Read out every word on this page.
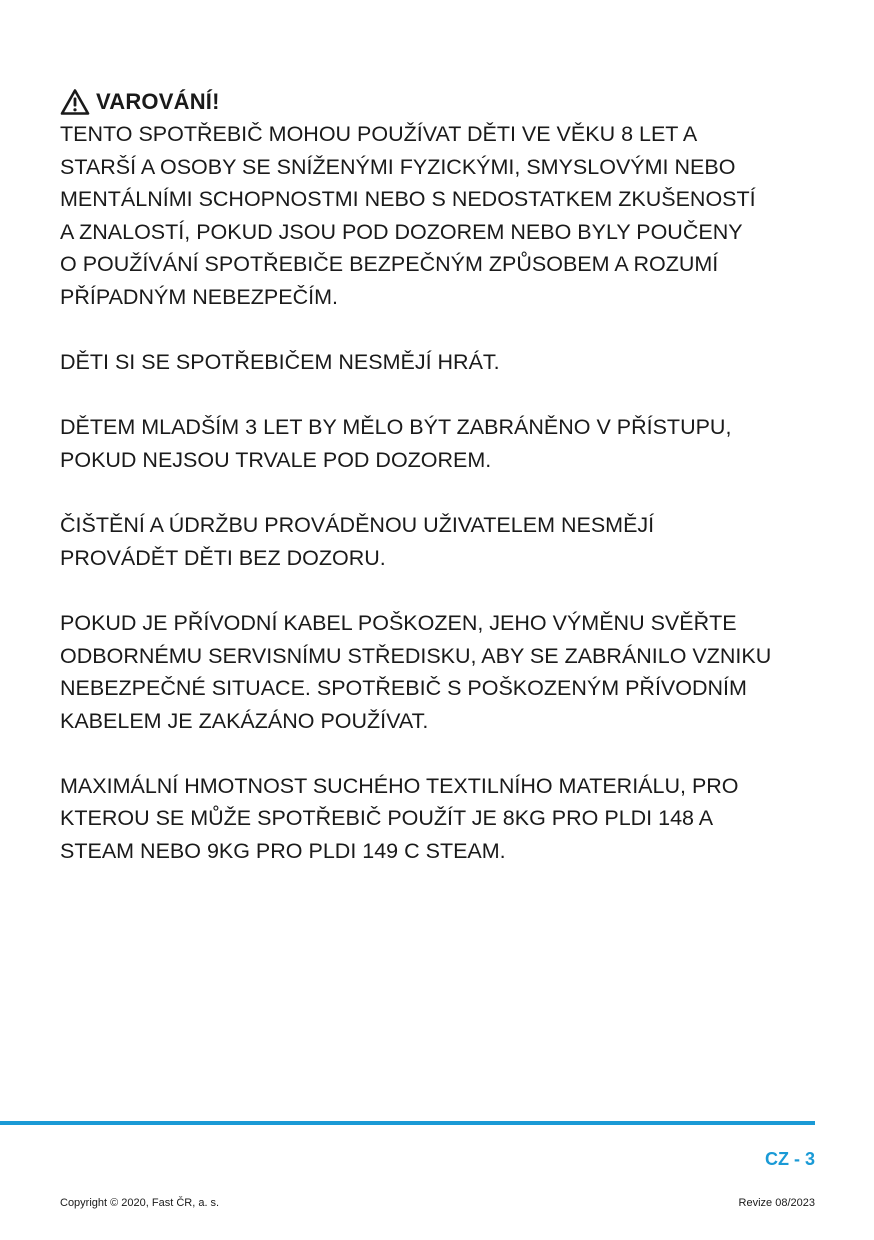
VAROVÁNÍ!

TENTO SPOTŘEBIČ MOHOU POUŽÍVAT DĚTI VE VĚKU 8 LET A
STARŠÍ A OSOBY SE SNÍŽENÝMI FYZICKÝMI, SMYSLOVÝMI NEBO
MENTÁLNÍMI SCHOPNOSTMI NEBO S NEDOSTATKEM ZKUŠENOSTÍ
A ZNALOSTÍ, POKUD JSOU POD DOZOREM NEBO BYLY POUČENY
O POUŽÍVÁNÍ SPOTŘEBIČE BEZPEČNÝM ZPŮSOBEM A ROZUMÍ
PŘÍPADNÝM NEBEZPEČÍM.

DĚTI SI SE SPOTŘEBIČEM NESMĚJÍ HRÁT.

DĚTEM MLADŠÍM 3 LET BY MĚLO BÝT ZABRÁNĚNO V PŘÍSTUPU,
POKUD NEJSOU TRVALE POD DOZOREM.

ČIŠTĚNÍ A ÚDRŽBU PROVÁDĚNOU UŽIVATELEM NESMĚJÍ
PROVÁDĚT DĚTI BEZ DOZORU.

POKUD JE PŘÍVODNÍ KABEL POŠKOZEN, JEHO VÝMĚNU SVĚŘTE
ODBORNÉMU SERVISNÍMU STŘEDISKU, ABY SE ZABRÁNILO VZNIKU
NEBEZPEČNÉ SITUACE. SPOTŘEBIČ S POŠKOZENÝM PŘÍVODNÍM
KABELEM JE ZAKÁZÁNO POUŽÍVAT.

MAXIMÁLNÍ HMOTNOST SUCHÉHO TEXTILNÍHO MATERIÁLU, PRO
KTEROU SE MŮŽE SPOTŘEBIČ POUŽÍT JE 8KG PRO PLDI 148 A
STEAM NEBO 9KG PRO PLDI 149 C STEAM.

CZ - 3
Copyright © 2020, Fast ČR, a. s.	Revize 08/2023
